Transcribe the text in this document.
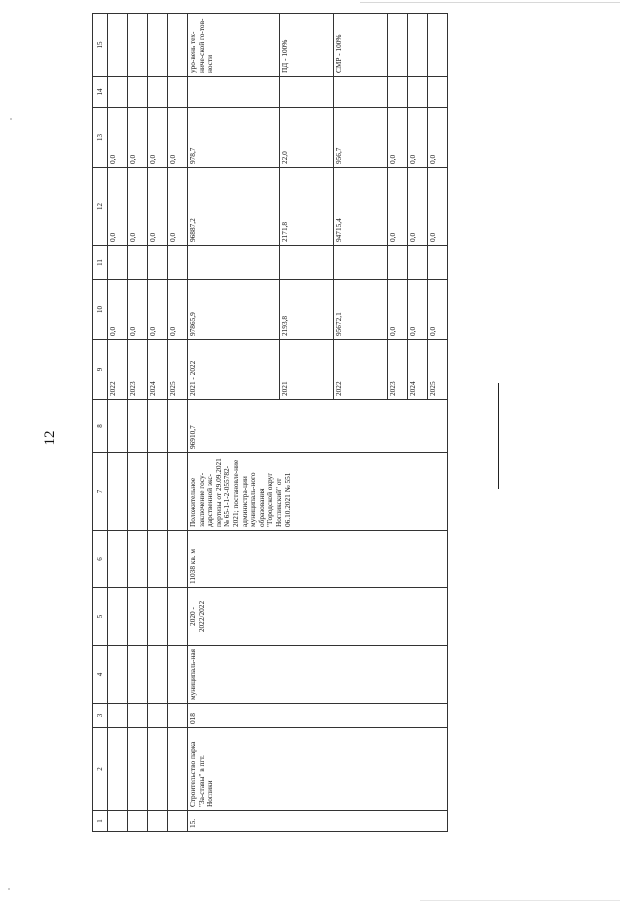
12
1	2	3	4	5	6	7	8	9	10	11	12	13	14	15
								2022	0,0		0,0	0,0		
								2023	0,0		0,0	0,0		
								2024	0,0		0,0	0,0		
								2025	0,0		0,0	0,0		
15.	Строительство парка "За-ставы" в пгт. Ноглики	018	муниципаль-ная	2020 - 2022/2022	11038 кв. м	Положительное заключение госу-дарственной экс-пертизы от 29.09.2021 № 65-1-1-2-055782-2021; постановле-ние администра-ции муниципаль-ного образования "Городской округ Ногликский" от 06.10.2021 № 551	96910,7	2021 - 2022	97865,9		96887,2	978,7		уро-вень тех-ниче-ской го-тов-ности
								2021	2193,8		2171,8	22,0		ПД - 100%
								2022	95672,1		94715,4	956,7		СМР - 100%
								2023	0,0		0,0	0,0		
								2024	0,0		0,0	0,0		
								2025	0,0		0,0	0,0		
